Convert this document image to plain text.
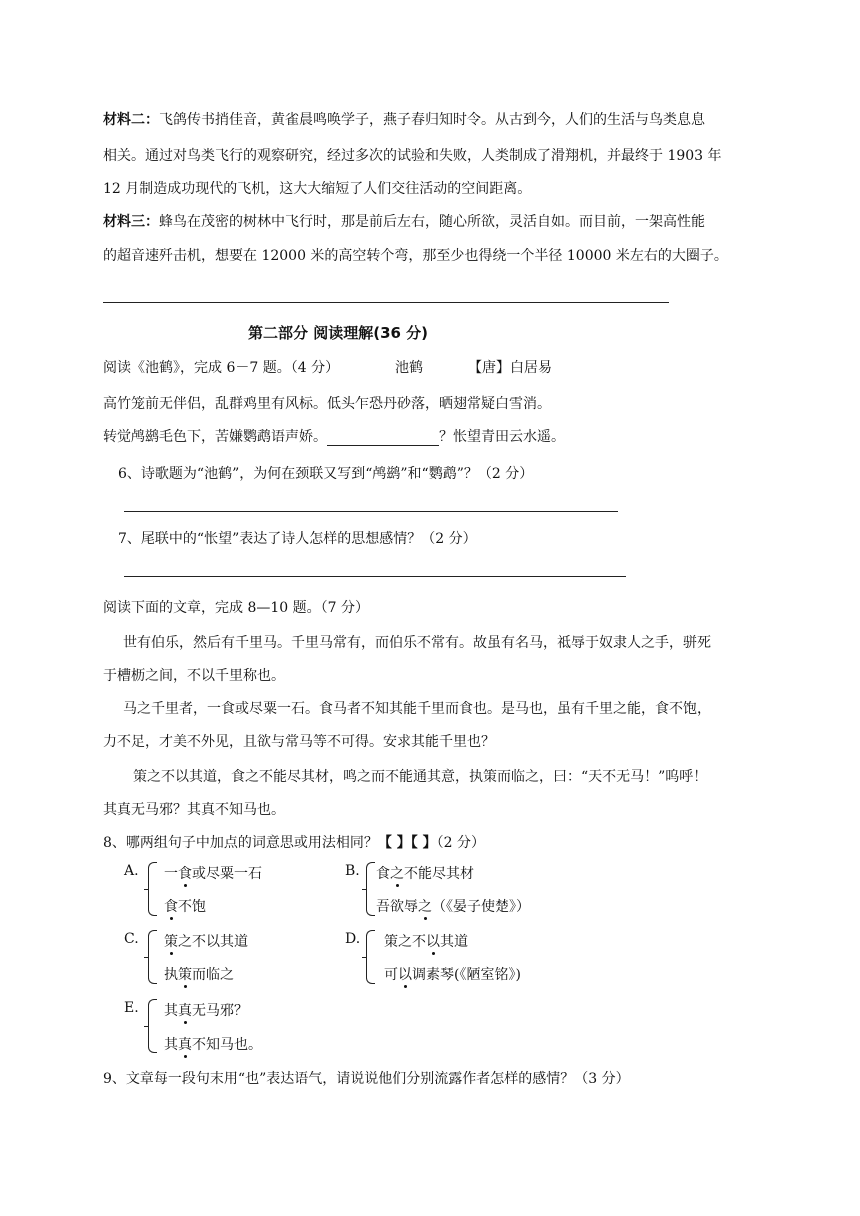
材料二：飞鸽传书捎佳音，黄雀晨鸣唤学子，燕子春归知时令。从古到今，人们的生活与鸟类息息
相关。通过对鸟类飞行的观察研究，经过多次的试验和失败，人类制成了滑翔机，并最终于 1903 年
12 月制造成功现代的飞机，这大大缩短了人们交往活动的空间距离。
材料三：蜂鸟在茂密的树林中飞行时，那是前后左右，随心所欲，灵活自如。而目前，一架高性能
的超音速歼击机，想要在 12000 米的高空转个弯，那至少也得绕一个半径 10000 米左右的大圈子。
第二部分 阅读理解(36 分)
阅读《池鹤》，完成 6－7 题。（4 分）	池鹤	【唐】白居易
高竹笼前无伴侣，乱群鸡里有风标。低头乍恐丹砂落，晒翅常疑白雪消。
转觉鸬鹚毛色下，苦嫌鹦鹉语声娇。	？怅望青田云水遥。
6、诗歌题为“池鹤”，为何在颈联又写到“鸬鹚”和“鹦鹉”？（2 分）
7、尾联中的“怅望”表达了诗人怎样的思想感情？（2 分）
阅读下面的文章，完成 8—10 题。（7 分）
世有伯乐，然后有千里马。千里马常有，而伯乐不常有。故虽有名马，祗辱于奴隶人之手，骈死
于槽枥之间，不以千里称也。
马之千里者，一食或尽粟一石。食马者不知其能千里而食也。是马也，虽有千里之能，食不饱，
力不足，才美不外见，且欲与常马等不可得。安求其能千里也？
策之不以其道，食之不能尽其材，鸣之而不能通其意，执策而临之，曰：“天不无马！”呜呼！
其真无马邪？其真不知马也。
8、哪两组句子中加点的词意思或用法相同？【 】【 】（2 分）
A. 一食或尽粟一石
食不饱
B. 食之不能尽其材
吾欲辱之（《晏子使楚》）
C. 策之不以其道
执策而临之
D. 策之不以其道
可以调素琴(《陋室铭》)
E. 其真无马邪？
其真不知马也。
9、文章每一段句末用“也”表达语气，请说说他们分别流露作者怎样的感情？（3 分）
